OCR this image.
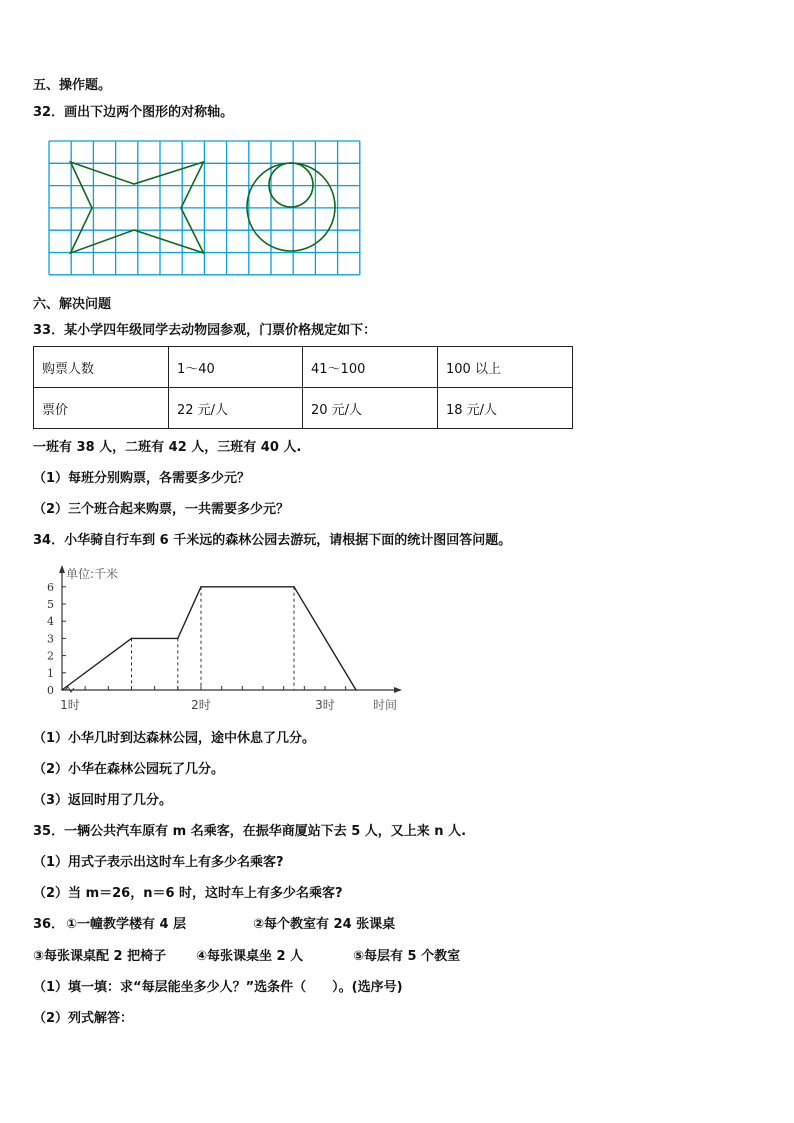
五、操作题。
32．画出下边两个图形的对称轴。
六、解决问题
33．某小学四年级同学去动物园参观，门票价格规定如下：
购票人数	1～40	41～100	100 以上
票价	22 元/人	20 元/人	18 元/人
一班有 38 人，二班有 42 人，三班有 40 人.
（1）每班分别购票，各需要多少元？
（2）三个班合起来购票，一共需要多少元？
34．小华骑自行车到 6 千米远的森林公园去游玩，请根据下面的统计图回答问题。
0
1
2
3
4
5
6
1时	2时	3时
单位:千米
时间
（1）小华几时到达森林公园，途中休息了几分。
（2）小华在森林公园玩了几分。
（3）返回时用了几分。
35．一辆公共汽车原有 m 名乘客，在振华商厦站下去 5 人，又上来 n 人.
（1）用式子表示出这时车上有多少名乘客?
（2）当 m＝26，n＝6 时，这时车上有多少名乘客?
36． ①一幢教学楼有 4 层	②每个教室有 24 张课桌
③每张课桌配 2 把椅子 ④每张课桌坐 2 人	⑤每层有 5 个教室
（1）填一填：求“每层能坐多少人？”选条件（　　）。(选序号)
（2）列式解答：
